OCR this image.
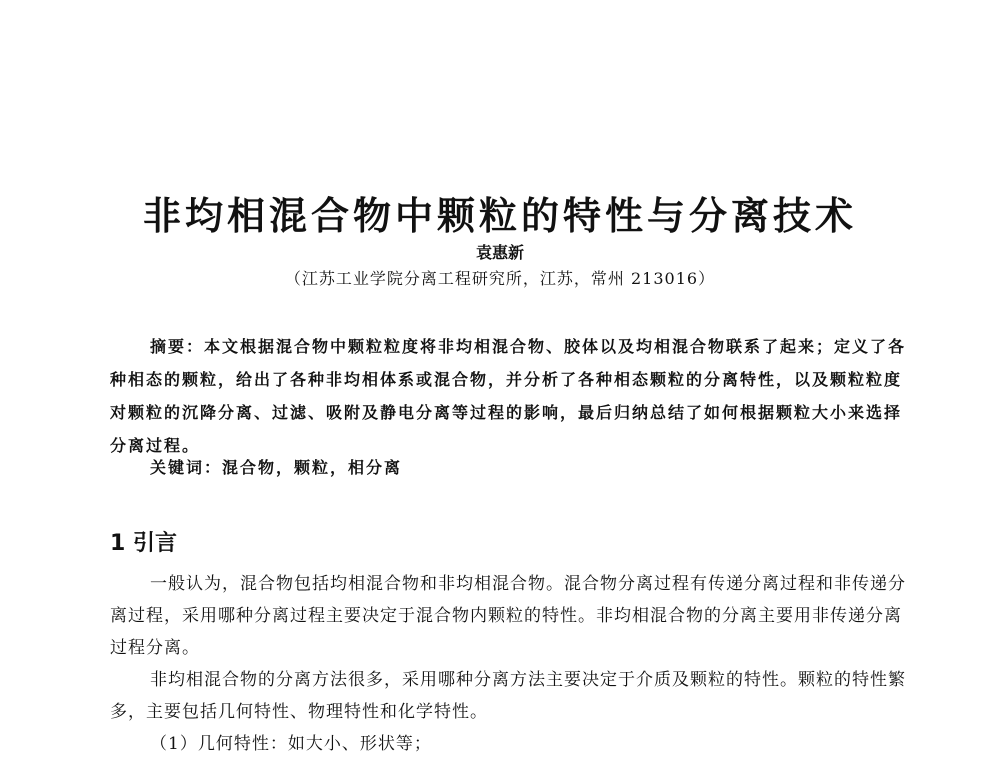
非均相混合物中颗粒的特性与分离技术
袁惠新
（江苏工业学院分离工程研究所，江苏，常州 213016）

摘要：本文根据混合物中颗粒粒度将非均相混合物、胶体以及均相混合物联系了起来；定义了各种相态的颗粒，给出了各种非均相体系或混合物，并分析了各种相态颗粒的分离特性，以及颗粒粒度对颗粒的沉降分离、过滤、吸附及静电分离等过程的影响，最后归纳总结了如何根据颗粒大小来选择分离过程。

关键词：混合物，颗粒，相分离

1 引言

一般认为，混合物包括均相混合物和非均相混合物。混合物分离过程有传递分离过程和非传递分离过程，采用哪种分离过程主要决定于混合物内颗粒的特性。非均相混合物的分离主要用非传递分离过程分离。

非均相混合物的分离方法很多，采用哪种分离方法主要决定于介质及颗粒的特性。颗粒的特性繁多，主要包括几何特性、物理特性和化学特性。

（1）几何特性：如大小、形状等；
